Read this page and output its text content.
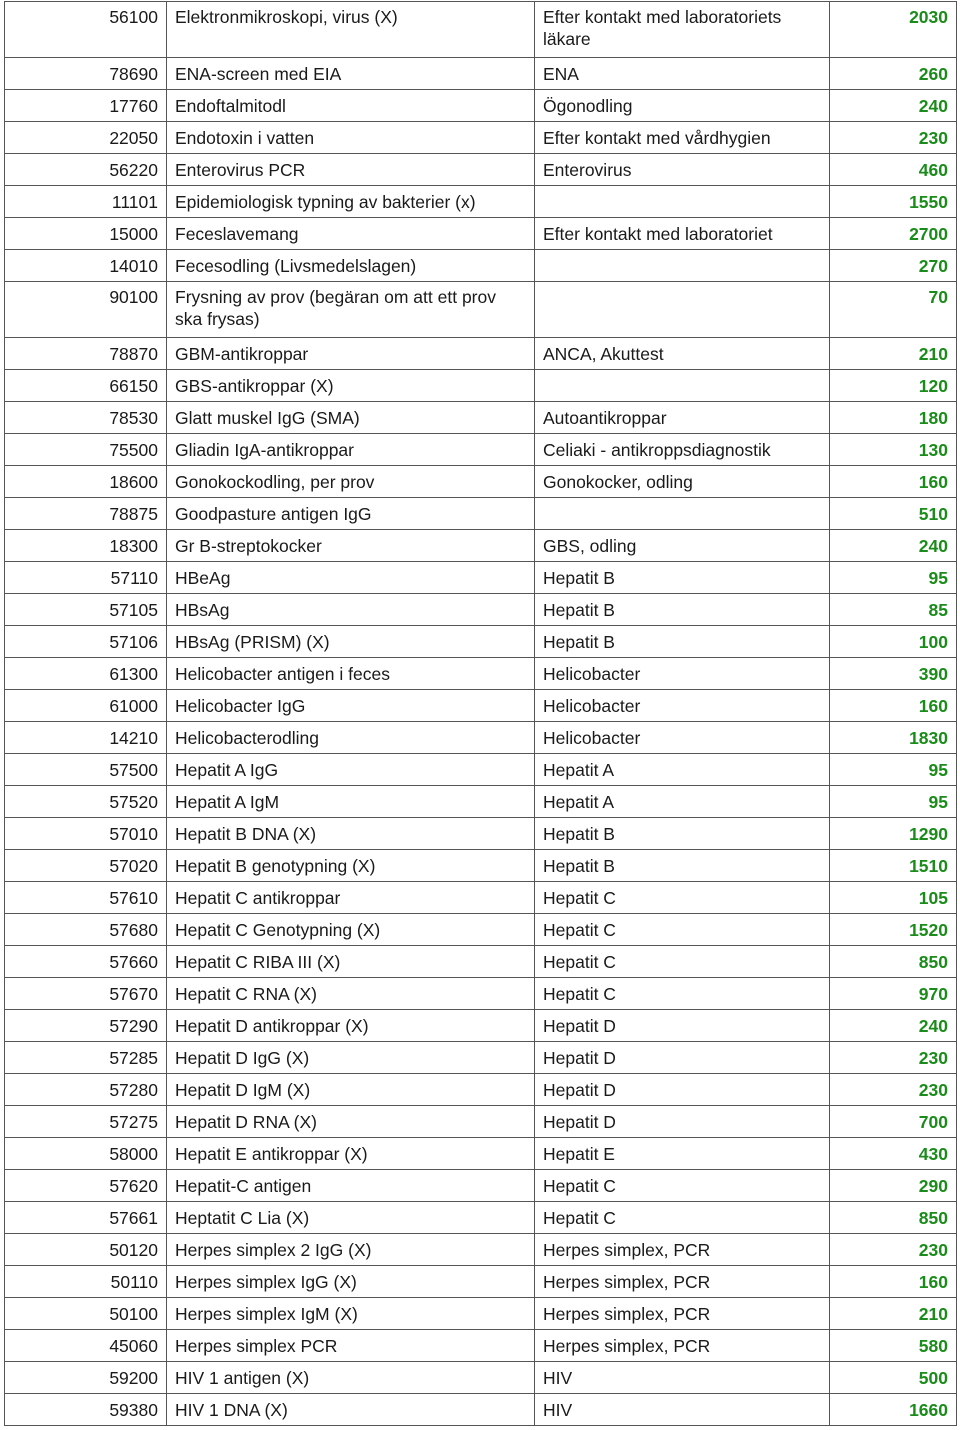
56100	Elektronmikroskopi, virus (X)	Efter kontakt med laboratoriets läkare	2030
78690	ENA-screen med EIA	ENA	260
17760	Endoftalmitodl	Ögonodling	240
22050	Endotoxin i vatten	Efter kontakt med vårdhygien	230
56220	Enterovirus PCR	Enterovirus	460
11101	Epidemiologisk typning av bakterier (x)		1550
15000	Feceslavemang	Efter kontakt med laboratoriet	2700
14010	Fecesodling (Livsmedelslagen)		270
90100	Frysning av prov (begäran om att ett prov ska frysas)		70
78870	GBM-antikroppar	ANCA, Akuttest	210
66150	GBS-antikroppar (X)		120
78530	Glatt muskel IgG (SMA)	Autoantikroppar	180
75500	Gliadin IgA-antikroppar	Celiaki - antikroppsdiagnostik	130
18600	Gonokockodling, per prov	Gonokocker, odling	160
78875	Goodpasture antigen IgG		510
18300	Gr B-streptokocker	GBS, odling	240
57110	HBeAg	Hepatit B	95
57105	HBsAg	Hepatit B	85
57106	HBsAg (PRISM) (X)	Hepatit B	100
61300	Helicobacter antigen i feces	Helicobacter	390
61000	Helicobacter IgG	Helicobacter	160
14210	Helicobacterodling	Helicobacter	1830
57500	Hepatit A IgG	Hepatit A	95
57520	Hepatit A IgM	Hepatit A	95
57010	Hepatit B DNA (X)	Hepatit B	1290
57020	Hepatit B genotypning (X)	Hepatit B	1510
57610	Hepatit C antikroppar	Hepatit C	105
57680	Hepatit C Genotypning (X)	Hepatit C	1520
57660	Hepatit C RIBA III (X)	Hepatit C	850
57670	Hepatit C RNA (X)	Hepatit C	970
57290	Hepatit D antikroppar (X)	Hepatit D	240
57285	Hepatit D IgG (X)	Hepatit D	230
57280	Hepatit D IgM (X)	Hepatit D	230
57275	Hepatit D RNA (X)	Hepatit D	700
58000	Hepatit E antikroppar (X)	Hepatit E	430
57620	Hepatit-C antigen	Hepatit C	290
57661	Heptatit C Lia (X)	Hepatit C	850
50120	Herpes simplex 2 IgG (X)	Herpes simplex, PCR	230
50110	Herpes simplex IgG (X)	Herpes simplex, PCR	160
50100	Herpes simplex IgM (X)	Herpes simplex, PCR	210
45060	Herpes simplex PCR	Herpes simplex, PCR	580
59200	HIV 1 antigen (X)	HIV	500
59380	HIV 1 DNA (X)	HIV	1660
